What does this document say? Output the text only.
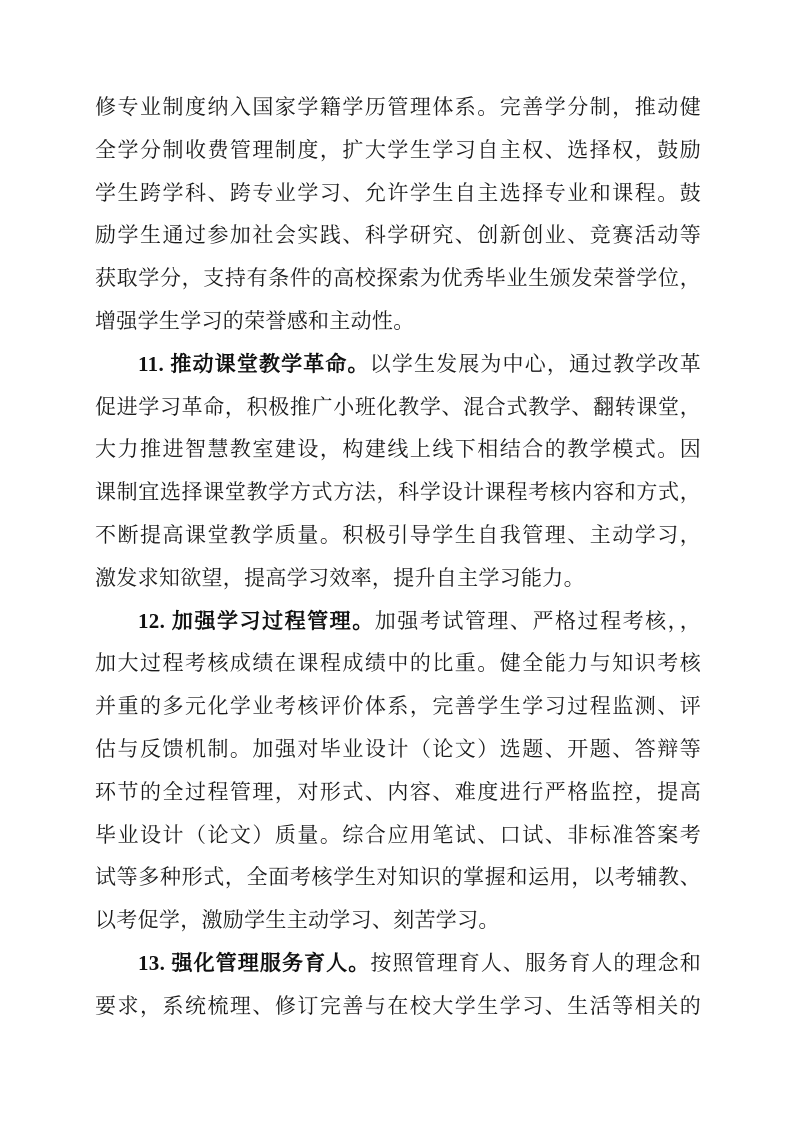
修专业制度纳入国家学籍学历管理体系。完善学分制，推动健

全学分制收费管理制度，扩大学生学习自主权、选择权，鼓励

学生跨学科、跨专业学习、允许学生自主选择专业和课程。鼓

励学生通过参加社会实践、科学研究、创新创业、竞赛活动等

获取学分，支持有条件的高校探索为优秀毕业生颁发荣誉学位，

增强学生学习的荣誉感和主动性。

11. 推动课堂教学革命。以学生发展为中心，通过教学改革

促进学习革命，积极推广小班化教学、混合式教学、翻转课堂，

大力推进智慧教室建设，构建线上线下相结合的教学模式。因

课制宜选择课堂教学方式方法，科学设计课程考核内容和方式，

不断提高课堂教学质量。积极引导学生自我管理、主动学习，

激发求知欲望，提高学习效率，提升自主学习能力。

12. 加强学习过程管理。加强考试管理、严格过程考核，，

加大过程考核成绩在课程成绩中的比重。健全能力与知识考核

并重的多元化学业考核评价体系，完善学生学习过程监测、评

估与反馈机制。加强对毕业设计（论文）选题、开题、答辩等

环节的全过程管理，对形式、内容、难度进行严格监控，提高

毕业设计（论文）质量。综合应用笔试、口试、非标准答案考

试等多种形式，全面考核学生对知识的掌握和运用，以考辅教、

以考促学，激励学生主动学习、刻苦学习。

13. 强化管理服务育人。按照管理育人、服务育人的理念和

要求，系统梳理、修订完善与在校大学生学习、生活等相关的
